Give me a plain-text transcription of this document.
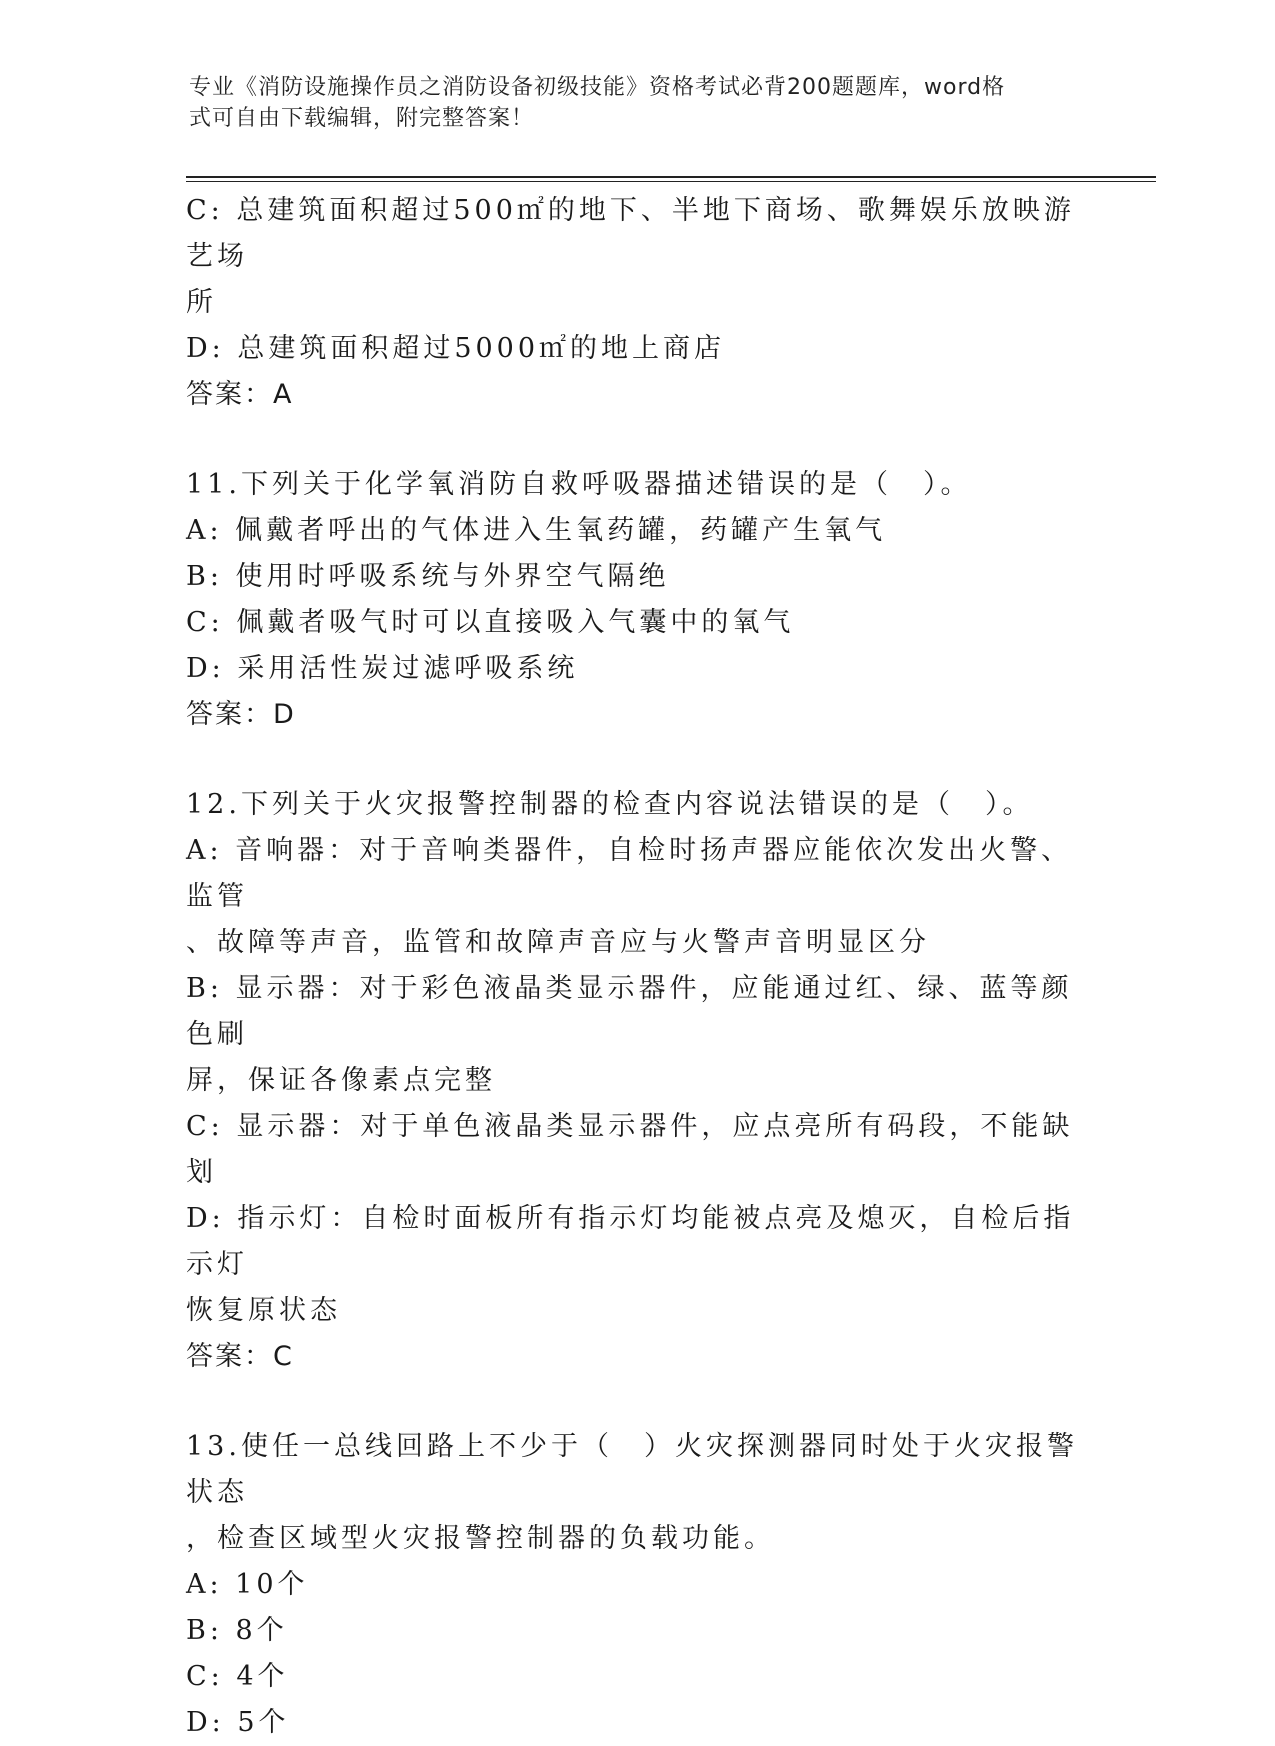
专业《消防设施操作员之消防设备初级技能》资格考试必背200题题库，word格
式可自由下载编辑，附完整答案！
C: 总建筑面积超过500㎡的地下、半地下商场、歌舞娱乐放映游艺场
所
D: 总建筑面积超过5000㎡的地上商店
答案：A
11.下列关于化学氧消防自救呼吸器描述错误的是（　）。
A: 佩戴者呼出的气体进入生氧药罐，药罐产生氧气
B: 使用时呼吸系统与外界空气隔绝
C: 佩戴者吸气时可以直接吸入气囊中的氧气
D: 采用活性炭过滤呼吸系统
答案：D
12.下列关于火灾报警控制器的检查内容说法错误的是（　）。
A: 音响器：对于音响类器件，自检时扬声器应能依次发出火警、监管
、故障等声音，监管和故障声音应与火警声音明显区分
B: 显示器：对于彩色液晶类显示器件，应能通过红、绿、蓝等颜色刷
屏，保证各像素点完整
C: 显示器：对于单色液晶类显示器件，应点亮所有码段，不能缺划
D: 指示灯：自检时面板所有指示灯均能被点亮及熄灭，自检后指示灯
恢复原状态
答案：C
13.使任一总线回路上不少于（　）火灾探测器同时处于火灾报警状态
，检查区域型火灾报警控制器的负载功能。
A: 10个
B: 8个
C: 4个
D: 5个
